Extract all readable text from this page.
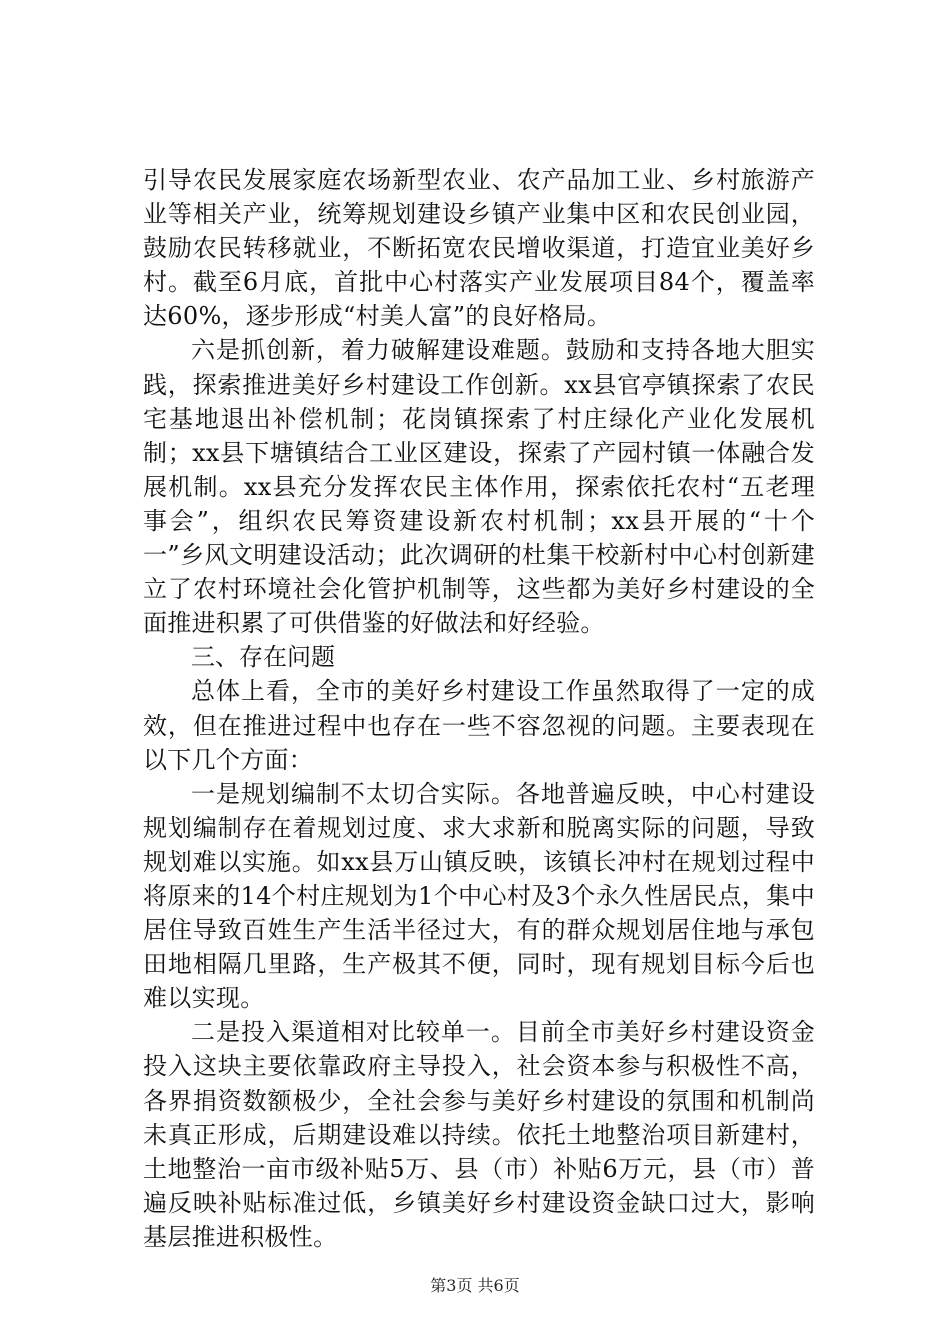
引导农民发展家庭农场新型农业、农产品加工业、乡村旅游产业等相关产业，统筹规划建设乡镇产业集中区和农民创业园，鼓励农民转移就业，不断拓宽农民增收渠道，打造宜业美好乡村。截至6月底，首批中心村落实产业发展项目84个，覆盖率达60%，逐步形成“村美人富”的良好格局。

六是抓创新，着力破解建设难题。鼓励和支持各地大胆实践，探索推进美好乡村建设工作创新。xx县官亭镇探索了农民宅基地退出补偿机制；花岗镇探索了村庄绿化产业化发展机制；xx县下塘镇结合工业区建设，探索了产园村镇一体融合发展机制。xx县充分发挥农民主体作用，探索依托农村“五老理事会”，组织农民筹资建设新农村机制；xx县开展的“十个一”乡风文明建设活动；此次调研的杜集干校新村中心村创新建立了农村环境社会化管护机制等，这些都为美好乡村建设的全面推进积累了可供借鉴的好做法和好经验。

三、存在问题

总体上看，全市的美好乡村建设工作虽然取得了一定的成效，但在推进过程中也存在一些不容忽视的问题。主要表现在以下几个方面：

一是规划编制不太切合实际。各地普遍反映，中心村建设规划编制存在着规划过度、求大求新和脱离实际的问题，导致规划难以实施。如xx县万山镇反映，该镇长冲村在规划过程中将原来的14个村庄规划为1个中心村及3个永久性居民点，集中居住导致百姓生产生活半径过大，有的群众规划居住地与承包田地相隔几里路，生产极其不便，同时，现有规划目标今后也难以实现。

二是投入渠道相对比较单一。目前全市美好乡村建设资金投入这块主要依靠政府主导投入，社会资本参与积极性不高，各界捐资数额极少，全社会参与美好乡村建设的氛围和机制尚未真正形成，后期建设难以持续。依托土地整治项目新建村，土地整治一亩市级补贴5万、县（市）补贴6万元，县（市）普遍反映补贴标准过低，乡镇美好乡村建设资金缺口过大，影响基层推进积极性。

第3页 共6页
